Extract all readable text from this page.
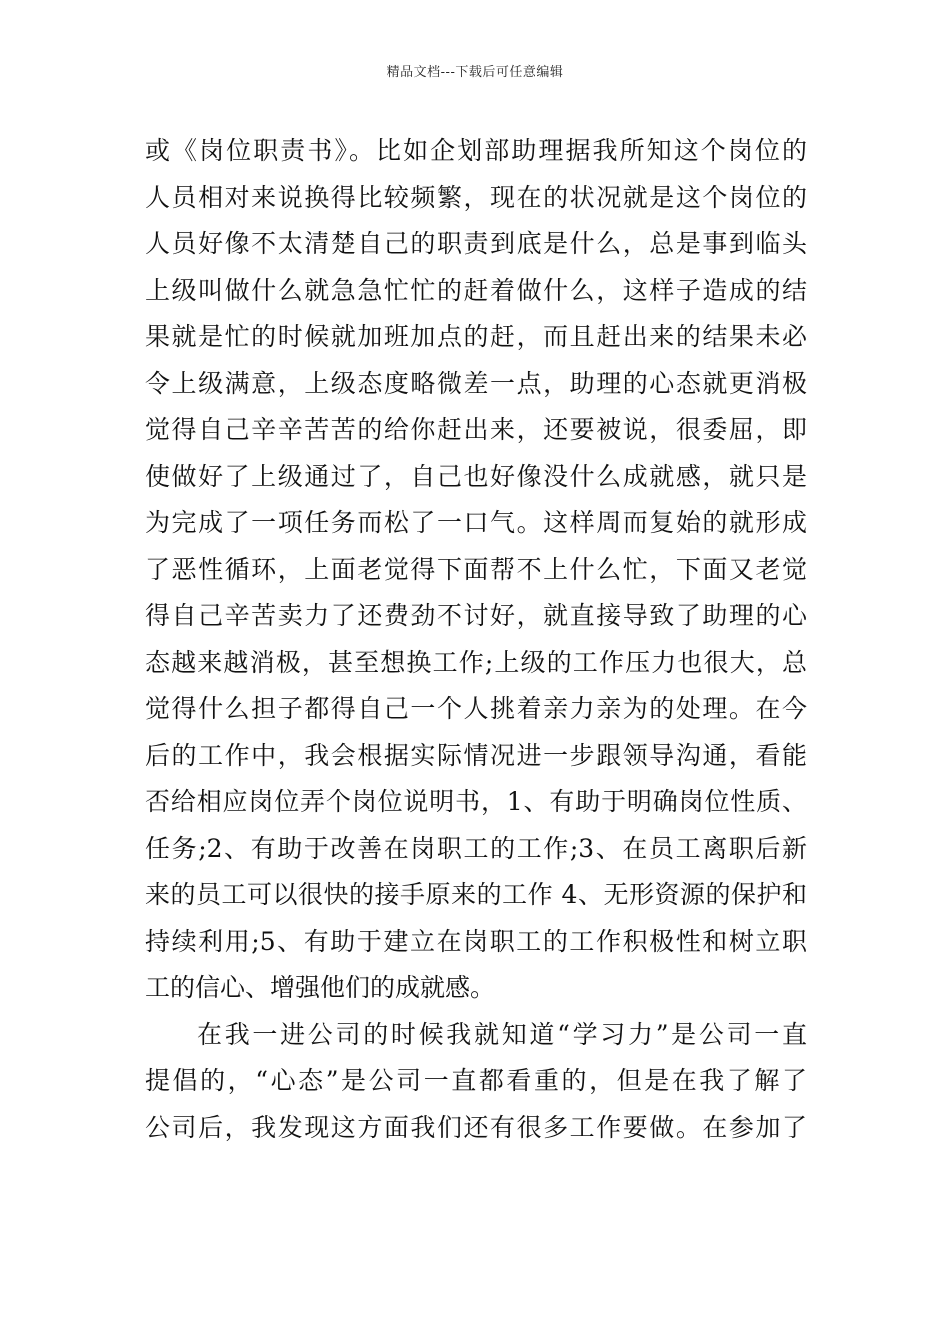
精品文档---下载后可任意编辑
或《岗位职责书》。比如企划部助理据我所知这个岗位的
人员相对来说换得比较频繁，现在的状况就是这个岗位的
人员好像不太清楚自己的职责到底是什么，总是事到临头
上级叫做什么就急急忙忙的赶着做什么，这样子造成的结
果就是忙的时候就加班加点的赶，而且赶出来的结果未必
令上级满意，上级态度略微差一点，助理的心态就更消极
觉得自己辛辛苦苦的给你赶出来，还要被说，很委屈，即
使做好了上级通过了，自己也好像没什么成就感，就只是
为完成了一项任务而松了一口气。这样周而复始的就形成
了恶性循环，上面老觉得下面帮不上什么忙，下面又老觉
得自己辛苦卖力了还费劲不讨好，就直接导致了助理的心
态越来越消极，甚至想换工作;上级的工作压力也很大，总
觉得什么担子都得自己一个人挑着亲力亲为的处理。在今
后的工作中，我会根据实际情况进一步跟领导沟通，看能
否给相应岗位弄个岗位说明书，1、有助于明确岗位性质、
任务;2、有助于改善在岗职工的工作;3、在员工离职后新
来的员工可以很快的接手原来的工作 4、无形资源的保护和
持续利用;5、有助于建立在岗职工的工作积极性和树立职
工的信心、增强他们的成就感。
在我一进公司的时候我就知道“学习力”是公司一直
提倡的，“心态”是公司一直都看重的，但是在我了解了
公司后，我发现这方面我们还有很多工作要做。在参加了
